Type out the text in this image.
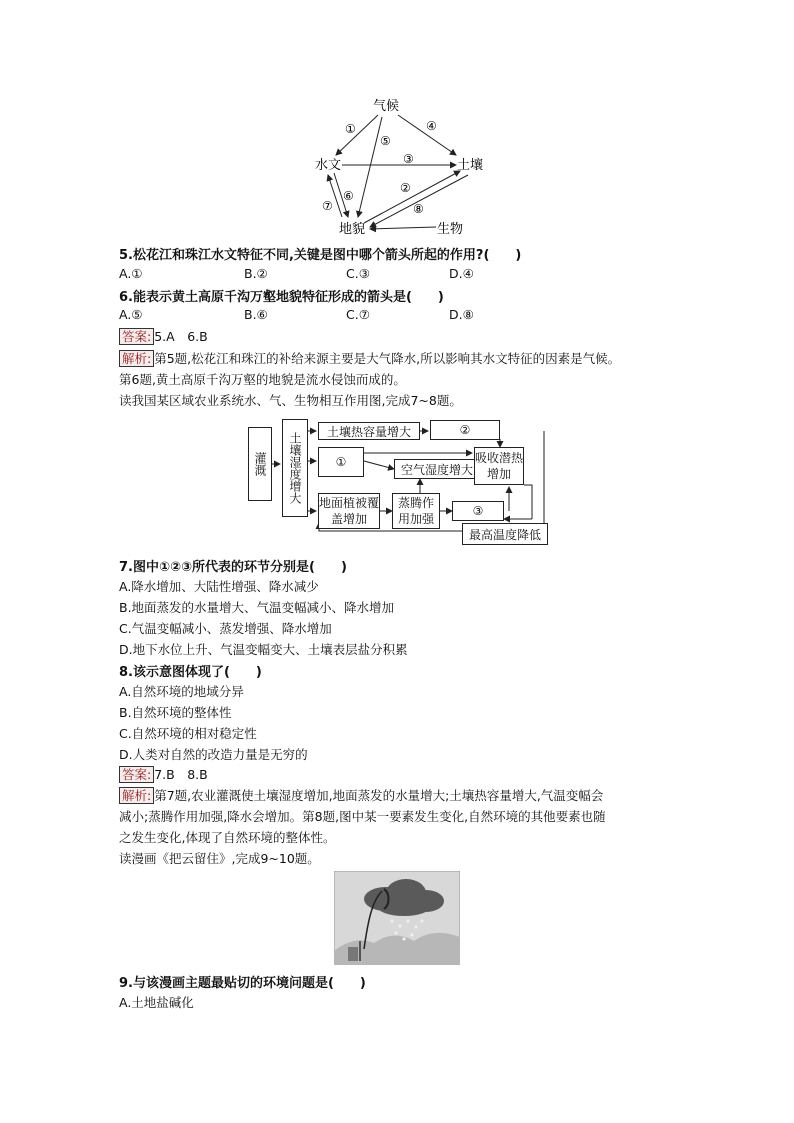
气候
水文	土壤
地貌	生物
①	④
⑤
③
②
⑥
⑦	⑧
5.松花江和珠江水文特征不同,关键是图中哪个箭头所起的作用?(　　)
A.①	B.②	C.③	D.④
6.能表示黄土高原千沟万壑地貌特征形成的箭头是(　　)
A.⑤	B.⑥	C.⑦	D.⑧
答案: 5.A　6.B
解析: 第5题,松花江和珠江的补给来源主要是大气降水,所以影响其水文特征的因素是气候。
第6题,黄土高原千沟万壑的地貌是流水侵蚀而成的。
读我国某区域农业系统水、气、生物相互作用图,完成7~8题。
灌溉	土壤湿度增大
土壤热容量增大	②
①
空气湿度增大
吸收潜热增加
地面植被覆盖增加
蒸腾作用加强
③
最高温度降低
7.图中①②③所代表的环节分别是(　　)
A.降水增加、大陆性增强、降水减少
B.地面蒸发的水量增大、气温变幅减小、降水增加
C.气温变幅减小、蒸发增强、降水增加
D.地下水位上升、气温变幅变大、土壤表层盐分积累
8.该示意图体现了(　　)
A.自然环境的地域分异
B.自然环境的整体性
C.自然环境的相对稳定性
D.人类对自然的改造力量是无穷的
答案: 7.B　8.B
解析: 第7题,农业灌溉使土壤湿度增加,地面蒸发的水量增大;土壤热容量增大,气温变幅会
减小;蒸腾作用加强,降水会增加。第8题,图中某一要素发生变化,自然环境的其他要素也随
之发生变化,体现了自然环境的整体性。
读漫画《把云留住》,完成9~10题。
9.与该漫画主题最贴切的环境问题是(　　)
A.土地盐碱化
